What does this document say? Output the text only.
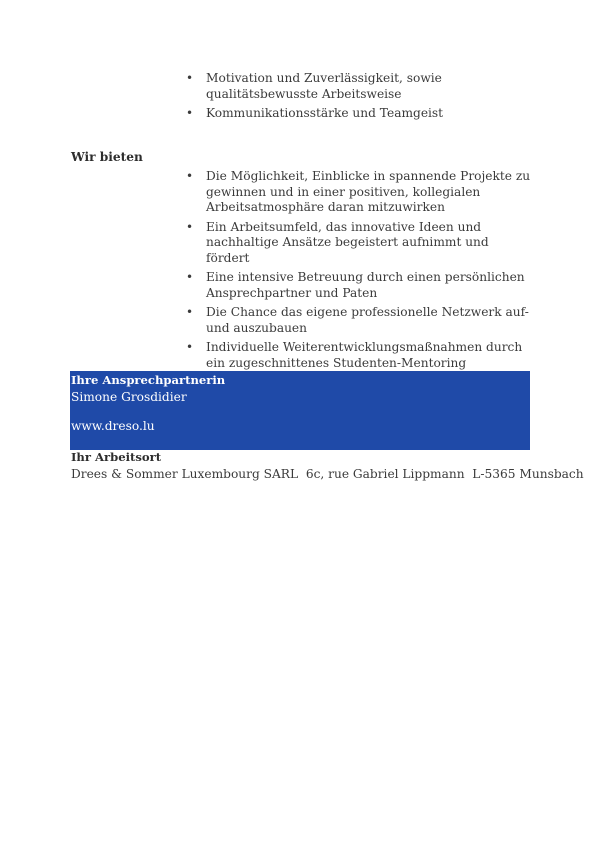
• Motivation und Zuverlässigkeit, sowie qualitätsbewusste Arbeitsweise
• Kommunikationsstärke und Teamgeist
Wir bieten
• Die Möglichkeit, Einblicke in spannende Projekte zu gewinnen und in einer positiven, kollegialen Arbeitsatmosphäre daran mitzuwirken
• Ein Arbeitsumfeld, das innovative Ideen und nachhaltige Ansätze begeistert aufnimmt und fördert
• Eine intensive Betreuung durch einen persönlichen Ansprechpartner und Paten
• Die Chance das eigene professionelle Netzwerk auf- und auszubauen
• Individuelle Weiterentwicklungsmaßnahmen durch ein zugeschnittenes Studenten-Mentoring
Ihre Ansprechpartnerin
Simone Grosdidier
www.dreso.lu
Ihr Arbeitsort
Drees & Sommer Luxembourg SARL  6c, rue Gabriel Lippmann  L-5365 Munsbach
